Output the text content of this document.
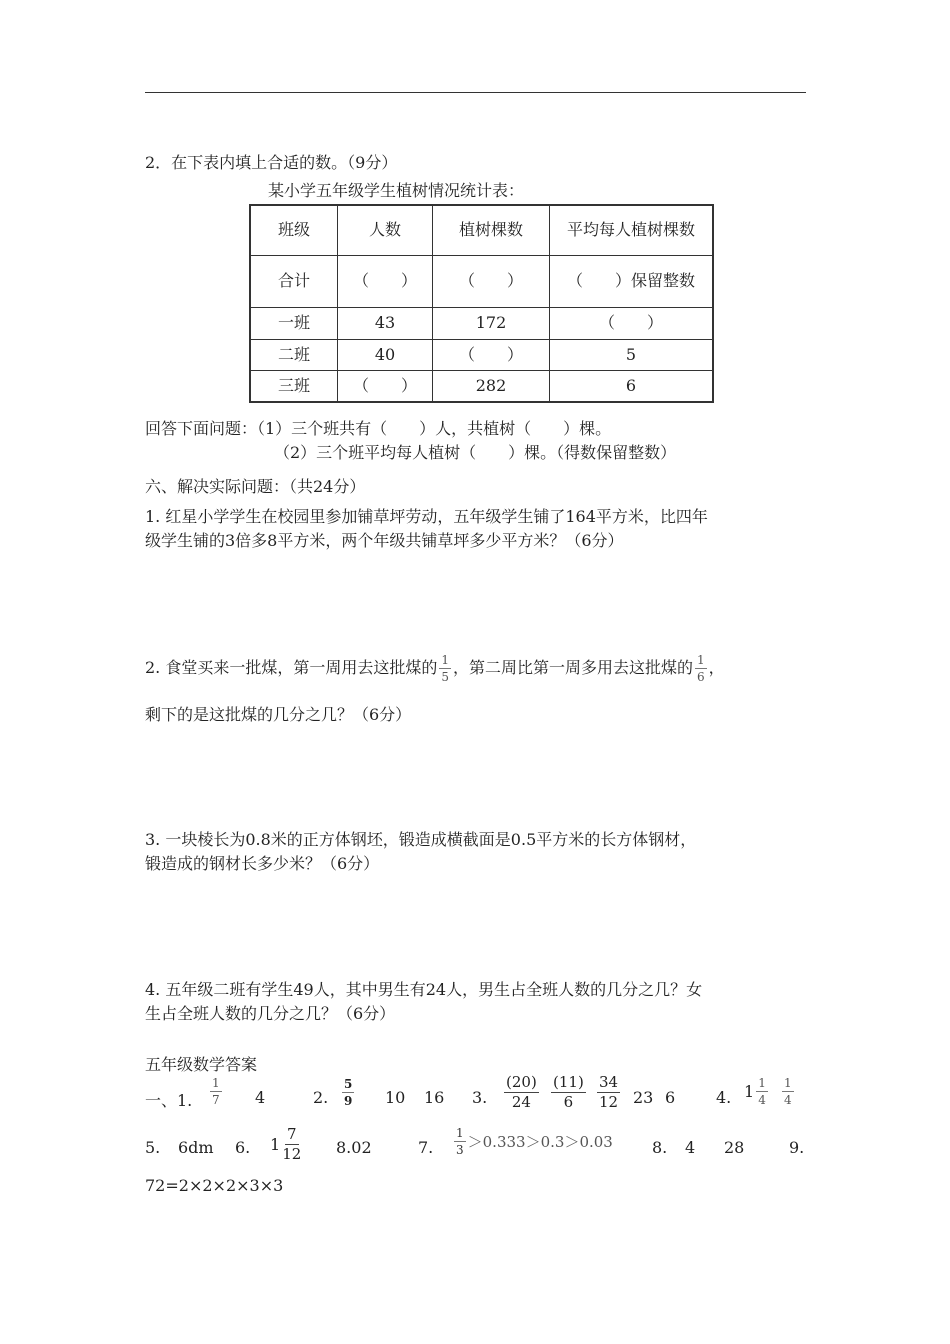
2．在下表内填上合适的数。（9分）
某小学五年级学生植树情况统计表：
班级	人数	植树棵数	平均每人植树棵数
合计	（　　）	（　　）	（　　）保留整数
一班	43	172	（　　）
二班	40	（　　）	5
三班	（　　）	282	6
回答下面问题：（1）三个班共有（　　）人，共植树（　　）棵。
（2）三个班平均每人植树（　　）棵。（得数保留整数）
六、解决实际问题：（共24分）
1. 红星小学学生在校园里参加铺草坪劳动，五年级学生铺了164平方米，比四年
级学生铺的3倍多8平方米，两个年级共铺草坪多少平方米？（6分）
2. 食堂买来一批煤，第一周用去这批煤的 $\frac{1}{5}$ ，第二周比第一周多用去这批煤的 $\frac{1}{6}$ ，
剩下的是这批煤的几分之几？（6分）
3. 一块棱长为0.8米的正方体钢坯，锻造成横截面是0.5平方米的长方体钢材，
锻造成的钢材长多少米？（6分）
4. 五年级二班有学生49人，其中男生有24人，男生占全班人数的几分之几？女
生占全班人数的几分之几？（6分）
五年级数学答案
一、1. $\frac{1}{7} 4$	2. $\frac{5}{9} 10$ 16 3. $\frac{(20)}{24} \frac{(11)}{6} \frac{34}{12} 23$ 6	4. $1 \frac{1}{4} \frac{1}{4}$
5. 6dm 6. $1 \frac{7}{12} 8.02$	7. $\frac{1}{3} >0.333>0.3>0.03$ 8. 4 28	9.
72=2×2×2×3×3
